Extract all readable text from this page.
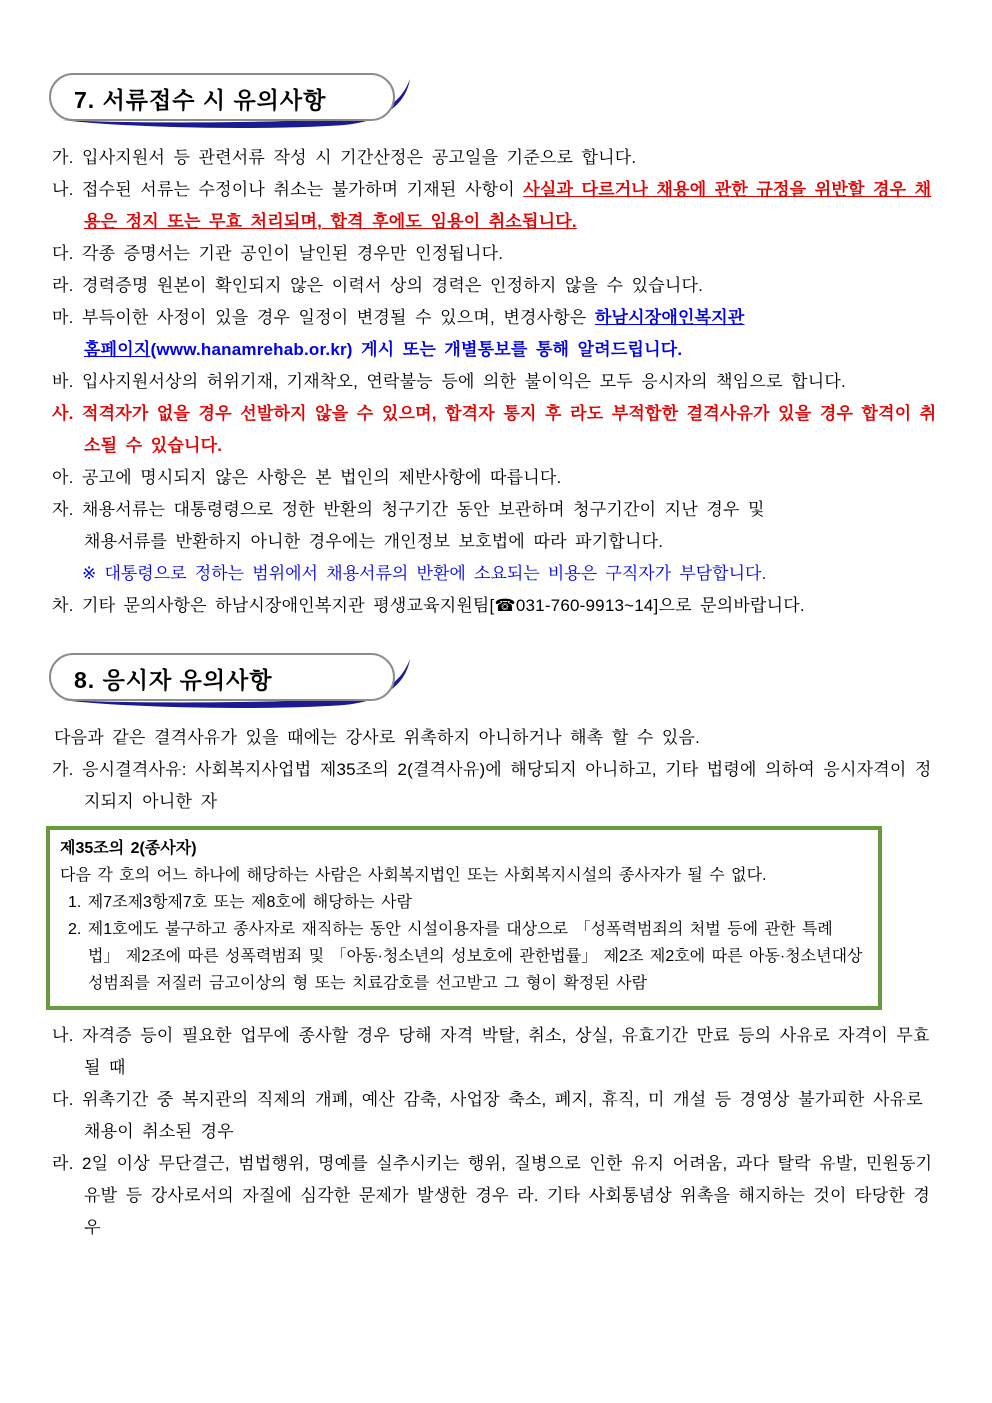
7. 서류접수 시 유의사항

가. 입사지원서 등 관련서류 작성 시 기간산정은 공고일을 기준으로 합니다.

나. 접수된 서류는 수정이나 취소는 불가하며 기재된 사항이 사실과 다르거나 채용에 관한 규정을 위반할 경우 채용은 정지 또는 무효 처리되며, 합격 후에도 임용이 취소됩니다.

다. 각종 증명서는 기관 공인이 날인된 경우만 인정됩니다.

라. 경력증명 원본이 확인되지 않은 이력서 상의 경력은 인정하지 않을 수 있습니다.

마. 부득이한 사정이 있을 경우 일정이 변경될 수 있으며, 변경사항은 하남시장애인복지관
홈페이지(www.hanamrehab.or.kr) 게시 또는 개별통보를 통해 알려드립니다.

바. 입사지원서상의 허위기재, 기재착오, 연락불능 등에 의한 불이익은 모두 응시자의 책임으로 합니다.

사. 적격자가 없을 경우 선발하지 않을 수 있으며, 합격자 통지 후 라도 부적합한 결격사유가 있을 경우 합격이 취소될 수 있습니다.

아. 공고에 명시되지 않은 사항은 본 법인의 제반사항에 따릅니다.

자. 채용서류는 대통령령으로 정한 반환의 청구기간 동안 보관하며 청구기간이 지난 경우 및
채용서류를 반환하지 아니한 경우에는 개인정보 보호법에 따라 파기합니다.

※ 대통령으로 정하는 범위에서 채용서류의 반환에 소요되는 비용은 구직자가 부담합니다.

차. 기타 문의사항은 하남시장애인복지관 평생교육지원팀[☎031-760-9913~14]으로 문의바랍니다.

8. 응시자 유의사항

다음과 같은 결격사유가 있을 때에는 강사로 위촉하지 아니하거나 해촉 할 수 있음.

가. 응시결격사유: 사회복지사업법 제35조의 2(결격사유)에 해당되지 아니하고, 기타 법령에 의하여 응시자격이 정지되지 아니한 자

제35조의 2(종사자)

다음 각 호의 어느 하나에 해당하는 사람은 사회복지법인 또는 사회복지시설의 종사자가 될 수 없다.

1. 제7조제3항제7호 또는 제8호에 해당하는 사람

2. 제1호에도 불구하고 종사자로 재직하는 동안 시설이용자를 대상으로 「성폭력범죄의 처벌 등에 관한 특례법」 제2조에 따른 성폭력범죄 및 「아동·청소년의 성보호에 관한법률」 제2조 제2호에 따른 아동·청소년대상 성범죄를 저질러 금고이상의 형 또는 치료감호를 선고받고 그 형이 확정된 사람

나. 자격증 등이 필요한 업무에 종사할 경우 당해 자격 박탈, 취소, 상실, 유효기간 만료 등의 사유로 자격이 무효 될 때

다. 위촉기간 중 복지관의 직제의 개폐, 예산 감축, 사업장 축소, 폐지, 휴직, 미 개설 등 경영상 불가피한 사유로 채용이 취소된 경우

라. 2일 이상 무단결근, 범법행위, 명예를 실추시키는 행위, 질병으로 인한 유지 어려움, 과다 탈락 유발, 민원동기 유발 등 강사로서의 자질에 심각한 문제가 발생한 경우 라. 기타 사회통념상 위촉을 해지하는 것이 타당한 경우
